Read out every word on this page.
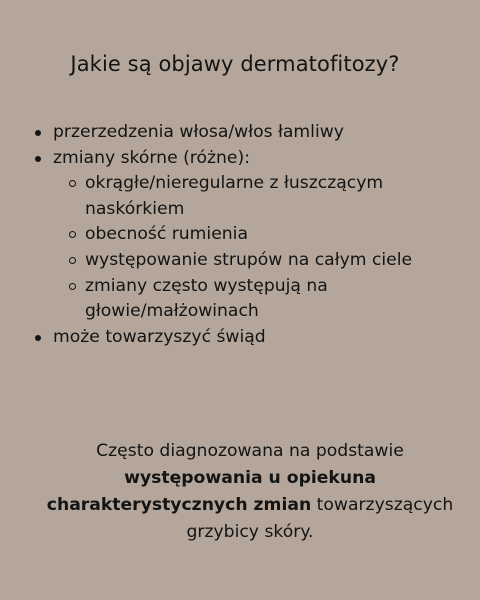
Jakie są objawy dermatofitozy?
przerzedzenia włosa/włos łamliwy
zmiany skórne (różne):
okrągłe/nieregularne z łuszczącym naskórkiem
obecność rumienia
występowanie strupów na całym ciele
zmiany często występują na głowie/małżowinach
może towarzyszyć świąd
Często diagnozowana na podstawie
występowania u opiekuna
charakterystycznych zmian towarzyszących
grzybicy skóry.
